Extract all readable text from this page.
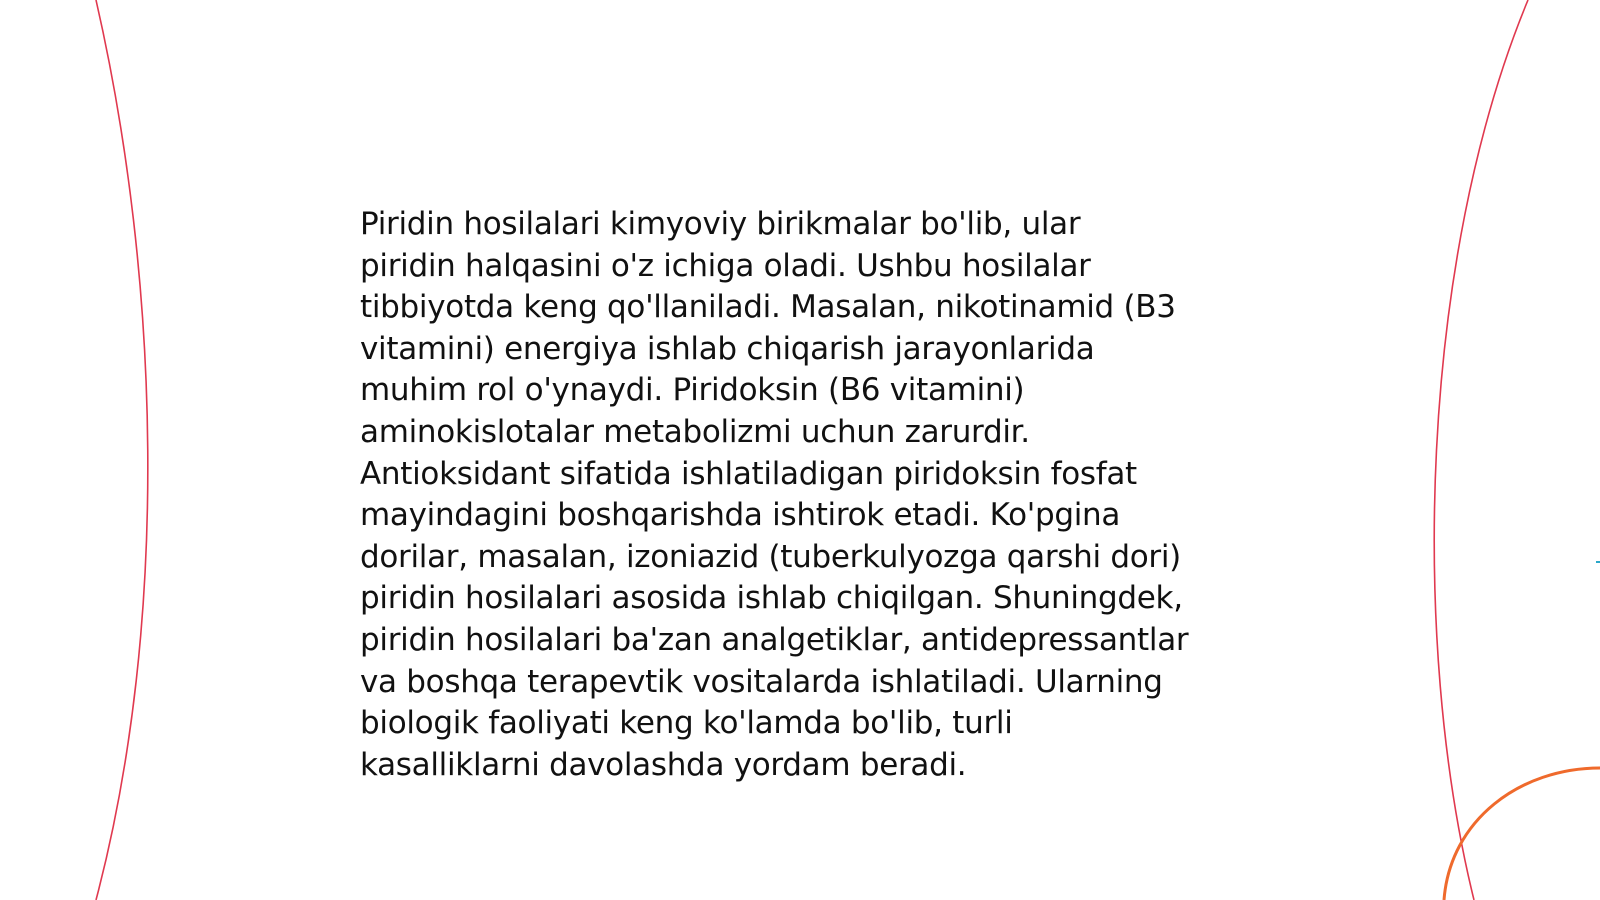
Piridin hosilalari kimyoviy birikmalar bo'lib, ular
piridin halqasini o'z ichiga oladi. Ushbu hosilalar
tibbiyotda keng qo'llaniladi. Masalan, nikotinamid (B3
vitamini) energiya ishlab chiqarish jarayonlarida
muhim rol o'ynaydi. Piridoksin (B6 vitamini)
aminokislotalar metabolizmi uchun zarurdir.
Antioksidant sifatida ishlatiladigan piridoksin fosfat
mayindagini boshqarishda ishtirok etadi. Ko'pgina
dorilar, masalan, izoniazid (tuberkulyozga qarshi dori)
piridin hosilalari asosida ishlab chiqilgan. Shuningdek,
piridin hosilalari ba'zan analgetiklar, antidepressantlar
va boshqa terapevtik vositalarda ishlatiladi. Ularning
biologik faoliyati keng ko'lamda bo'lib, turli
kasalliklarni davolashda yordam beradi.
